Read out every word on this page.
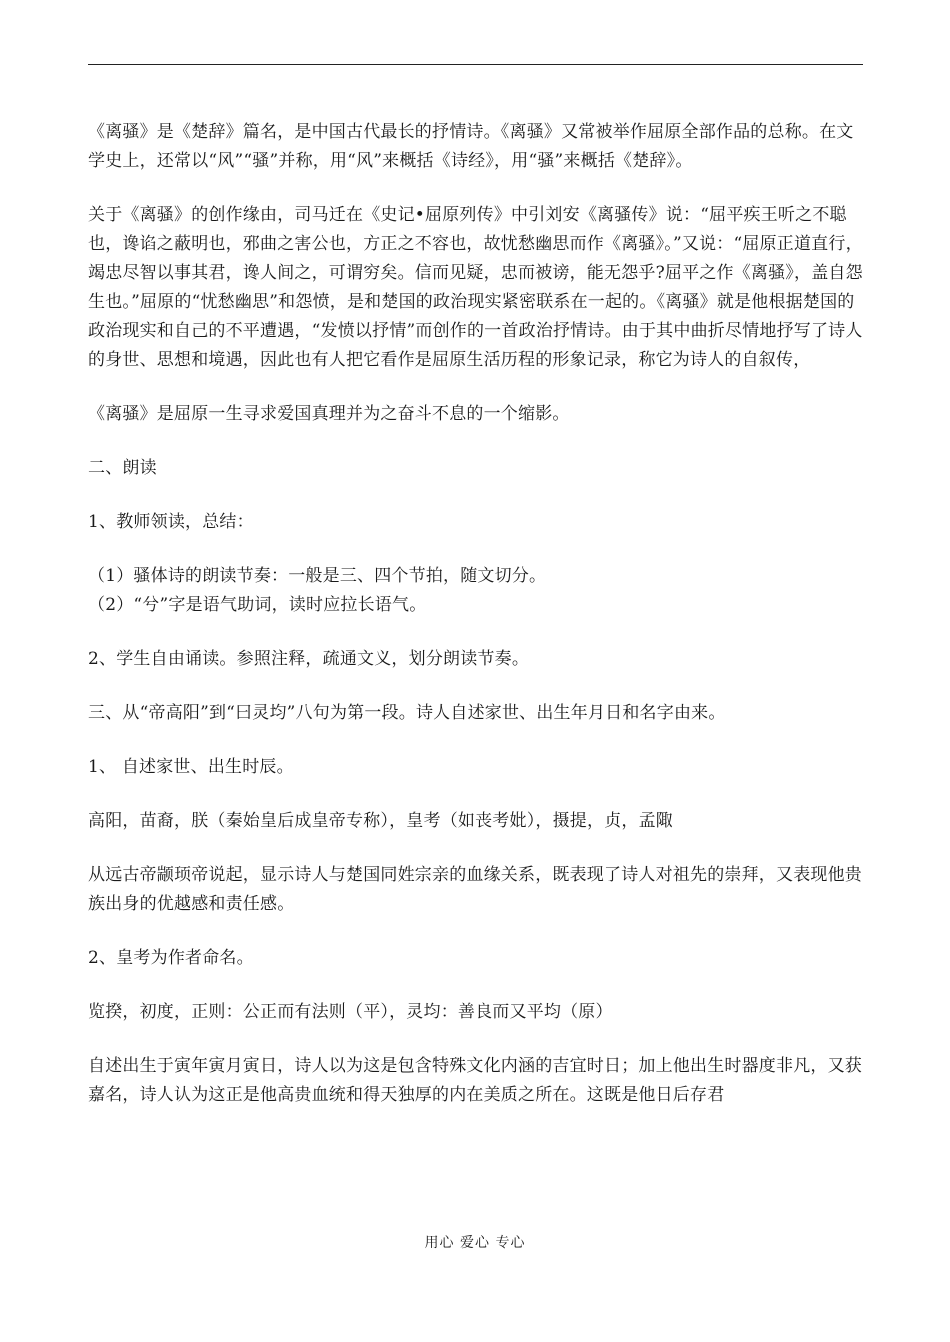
《离骚》是《楚辞》篇名，是中国古代最长的抒情诗。《离骚》又常被举作屈原全部作品的总称。在文学史上，还常以“风”“骚”并称，用“风”来概括《诗经》，用“骚”来概括《楚辞》。

关于《离骚》的创作缘由，司马迁在《史记•屈原列传》中引刘安《离骚传》说：“屈平疾王听之不聪也，谗谄之蔽明也，邪曲之害公也，方正之不容也，故忧愁幽思而作《离骚》。”又说：“屈原正道直行，竭忠尽智以事其君，谗人间之，可谓穷矣。信而见疑，忠而被谤，能无怨乎?屈平之作《离骚》，盖自怨生也。”屈原的“忧愁幽思”和怨愤，是和楚国的政治现实紧密联系在一起的。《离骚》就是他根据楚国的政治现实和自己的不平遭遇，“发愤以抒情”而创作的一首政治抒情诗。由于其中曲折尽情地抒写了诗人的身世、思想和境遇，因此也有人把它看作是屈原生活历程的形象记录，称它为诗人的自叙传，

《离骚》是屈原一生寻求爱国真理并为之奋斗不息的一个缩影。

二、朗读

1、教师领读，总结：

（1）骚体诗的朗读节奏：一般是三、四个节拍，随文切分。

（2）“兮”字是语气助词，读时应拉长语气。

2、学生自由诵读。参照注释，疏通文义，划分朗读节奏。

三、从“帝高阳”到“曰灵均”八句为第一段。诗人自述家世、出生年月日和名字由来。

1、 自述家世、出生时辰。

高阳，苗裔，朕（秦始皇后成皇帝专称），皇考（如丧考妣），摄提，贞，孟陬

从远古帝颛顼帝说起，显示诗人与楚国同姓宗亲的血缘关系，既表现了诗人对祖先的崇拜，又表现他贵族出身的优越感和责任感。

2、皇考为作者命名。

览揆，初度，正则：公正而有法则（平），灵均：善良而又平均（原）

自述出生于寅年寅月寅日，诗人以为这是包含特殊文化内涵的吉宜时日；加上他出生时器度非凡，又获嘉名，诗人认为这正是他高贵血统和得天独厚的内在美质之所在。这既是他日后存君

用心 爱心 专心
